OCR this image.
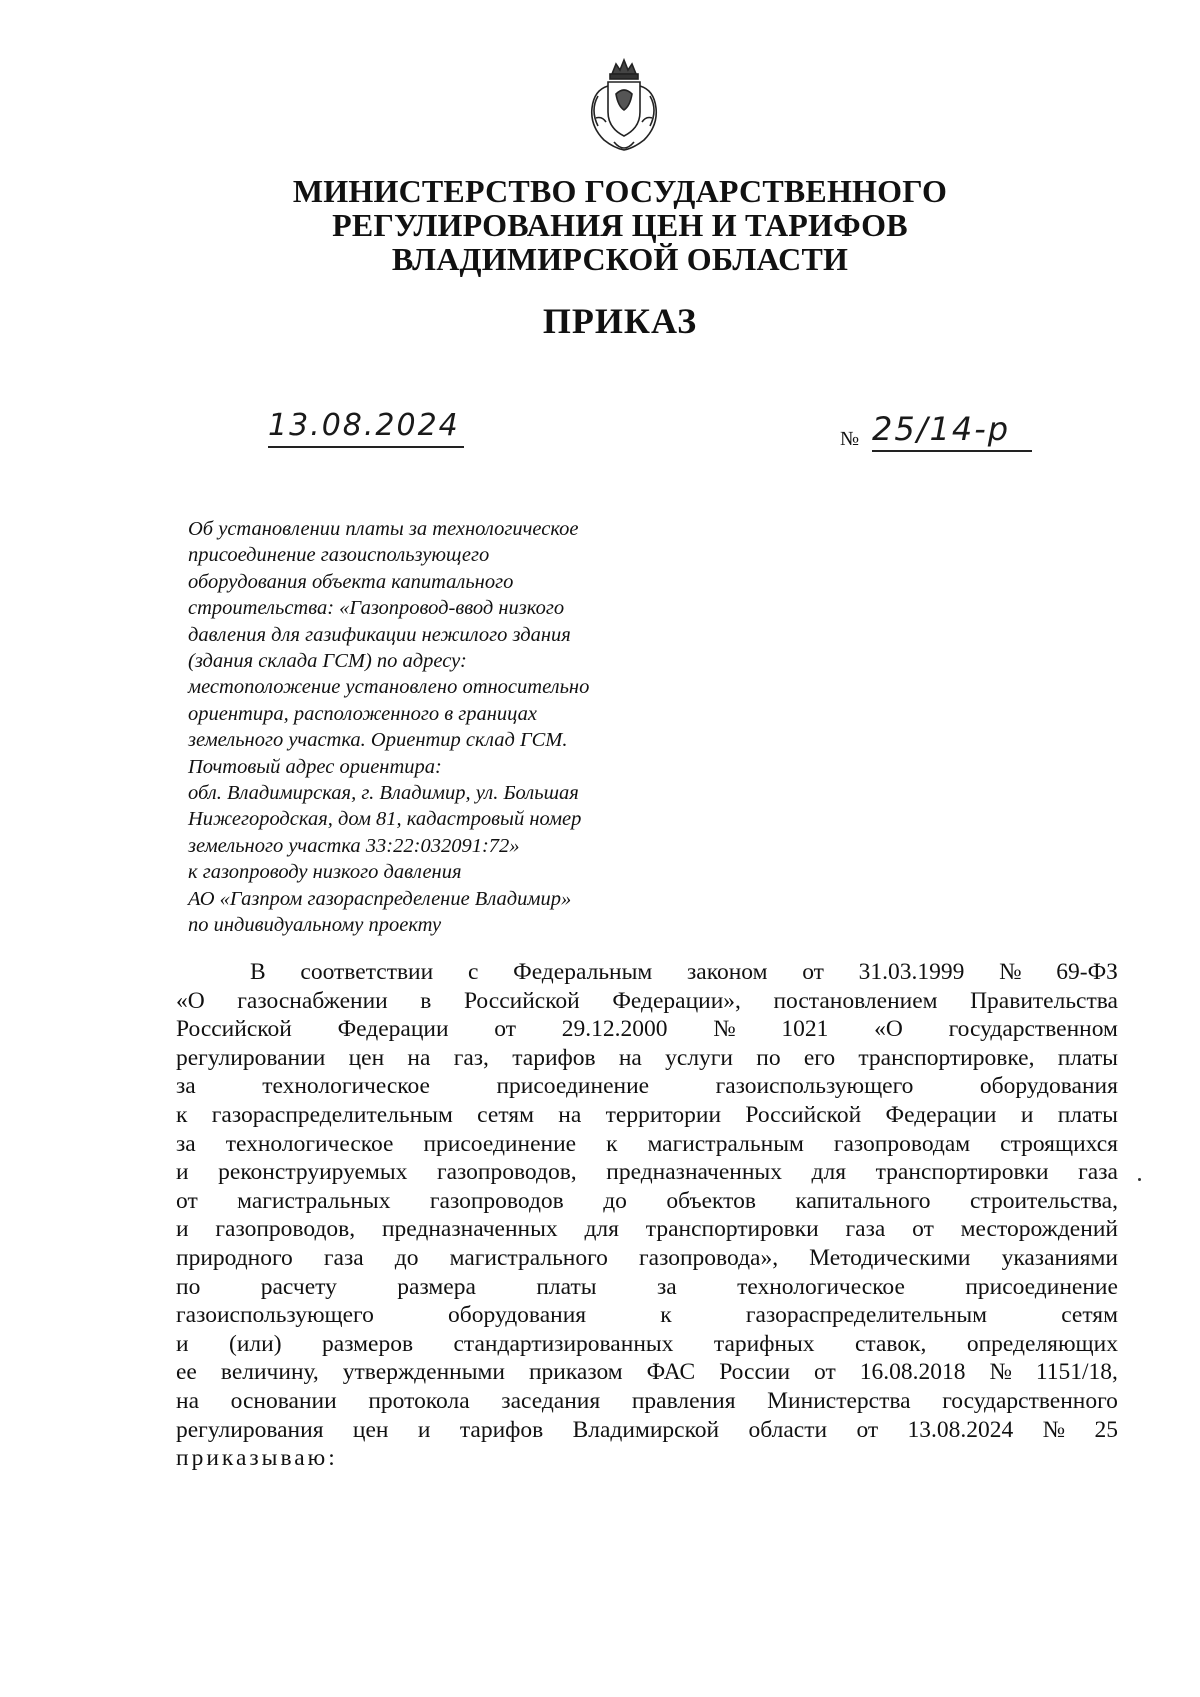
МИНИСТЕРСТВО ГОСУДАРСТВЕННОГО
РЕГУЛИРОВАНИЯ ЦЕН И ТАРИФОВ
ВЛАДИМИРСКОЙ ОБЛАСТИ
ПРИКАЗ
13.08.2024	№ 25/14-р
Об установлении платы за технологическое
присоединение газоиспользующего
оборудования объекта капитального
строительства: «Газопровод-ввод низкого
давления для газификации нежилого здания
(здания склада ГСМ) по адресу:
местоположение установлено относительно
ориентира, расположенного в границах
земельного участка. Ориентир склад ГСМ.
Почтовый адрес ориентира:
обл. Владимирская, г. Владимир, ул. Большая
Нижегородская, дом 81, кадастровый номер
земельного участка 33:22:032091:72»
к газопроводу низкого давления
АО «Газпром газораспределение Владимир»
по индивидуальному проекту
В соответствии с Федеральным законом от 31.03.1999 № 69-ФЗ
«О газоснабжении в Российской Федерации», постановлением Правительства
Российской Федерации от 29.12.2000 № 1021 «О государственном
регулировании цен на газ, тарифов на услуги по его транспортировке, платы
за	технологическое	присоединение	газоиспользующего	оборудования
к газораспределительным сетям на территории Российской Федерации и платы
за технологическое присоединение к магистральным газопроводам строящихся
и реконструируемых газопроводов, предназначенных для транспортировки газа
от магистральных газопроводов до объектов капитального строительства,
и газопроводов, предназначенных для транспортировки газа от месторождений
природного газа до магистрального газопровода», Методическими указаниями
по	расчету	размера	платы	за	технологическое	присоединение
газоиспользующего	оборудования	к	газораспределительным	сетям
и (или) размеров стандартизированных тарифных ставок, определяющих
ее величину, утвержденными приказом ФАС России от 16.08.2018 № 1151/18,
на основании протокола заседания правления Министерства государственного
регулирования цен и тарифов Владимирской области от 13.08.2024 № 25
приказываю:
